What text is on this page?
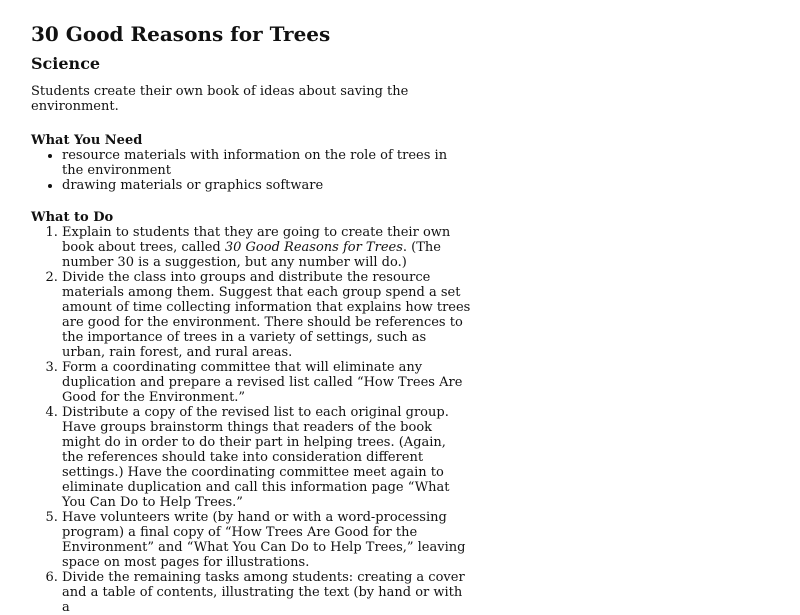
30 Good Reasons for Trees
Science

Students create their own book of ideas about saving the environment.

What You Need
• resource materials with information on the role of trees in the environment
• drawing materials or graphics software
What to Do
1. Explain to students that they are going to create their own book about trees, called 30 Good Reasons for Trees. (The number 30 is a suggestion, but any number will do.)
2. Divide the class into groups and distribute the resource materials among them. Suggest that each group spend a set amount of time collecting information that explains how trees are good for the environment. There should be references to the importance of trees in a variety of settings, such as urban, rain forest, and rural areas.
3. Form a coordinating committee that will eliminate any duplication and prepare a revised list called “How Trees Are Good for the Environment.”
4. Distribute a copy of the revised list to each original group. Have groups brainstorm things that readers of the book might do in order to do their part in helping trees. (Again, the references should take into consideration different settings.) Have the coordinating committee meet again to eliminate duplication and call this information page “What You Can Do to Help Trees.”
5. Have volunteers write (by hand or with a word-processing program) a final copy of “How Trees Are Good for the Environment” and “What You Can Do to Help Trees,” leaving space on most pages for illustrations.
6. Divide the remaining tasks among students: creating a cover and a table of contents, illustrating the text (by hand or with a
